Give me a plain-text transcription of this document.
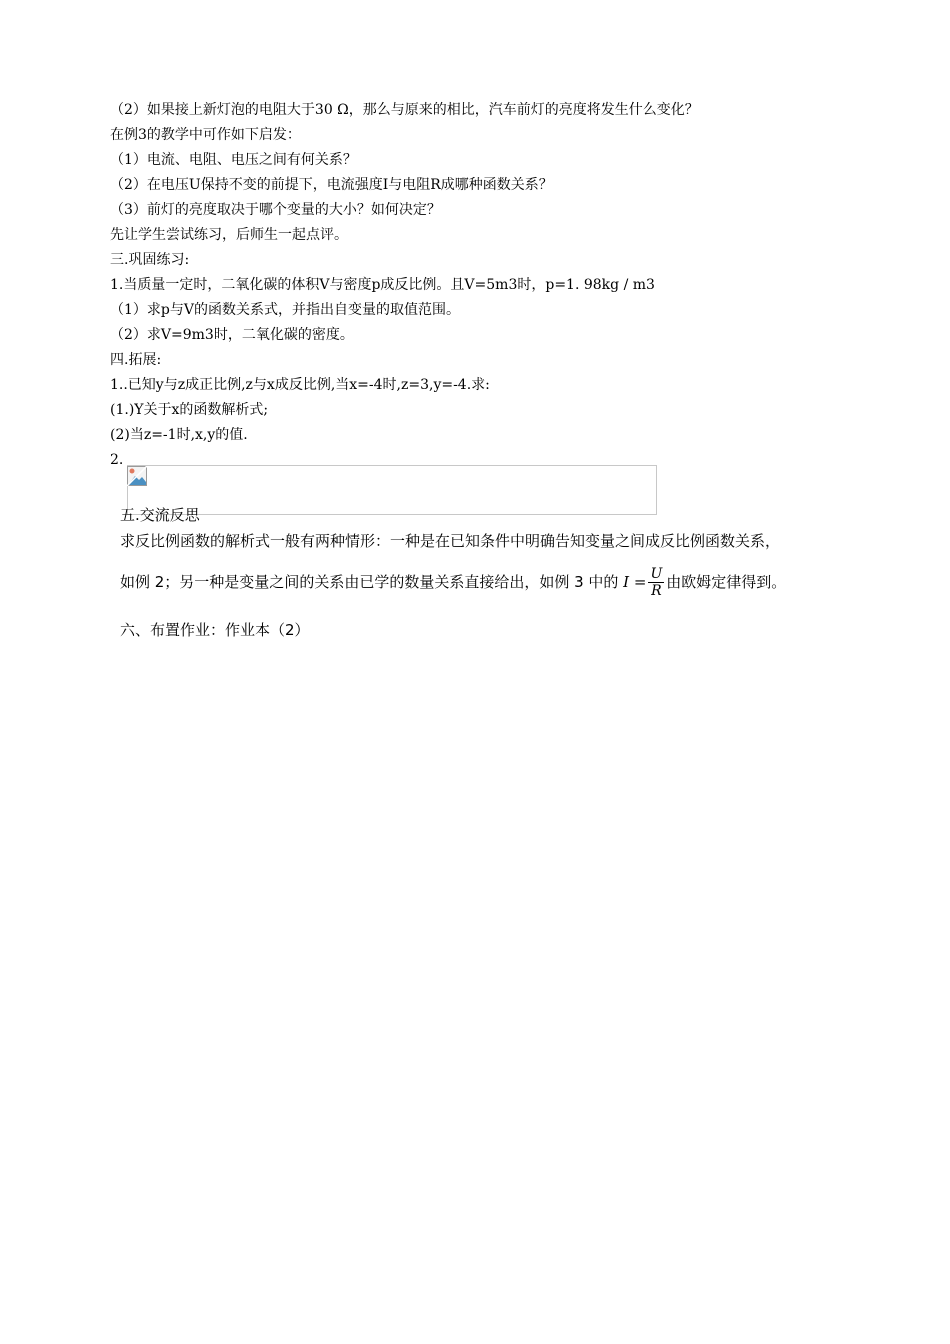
（2）如果接上新灯泡的电阻大于30 Ω，那么与原来的相比，汽车前灯的亮度将发生什么变化？
在例3的教学中可作如下启发：
（1）电流、电阻、电压之间有何关系？
（2）在电压U保持不变的前提下，电流强度I与电阻R成哪种函数关系？
（3）前灯的亮度取决于哪个变量的大小？如何决定？
先让学生尝试练习，后师生一起点评。
三.巩固练习:
1.当质量一定时，二氧化碳的体积V与密度p成反比例。且V=5m3时，p=1. 98kg / m3
（1）求p与V的函数关系式，并指出自变量的取值范围。
（2）求V=9m3时，二氧化碳的密度。
四.拓展:
1..已知y与z成正比例,z与x成反比例,当x=-4时,z=3,y=-4.求:
(1.)Y关于x的函数解析式;
(2)当z=-1时,x,y的值.
2.
五.交流反思
求反比例函数的解析式一般有两种情形：一种是在已知条件中明确告知变量之间成反比例函数关系，
如例 2；另一种是变量之间的关系由已学的数量关系直接给出，如例 3 中的 $I = \frac{U}{R}$ 由欧姆定律得到。
六、布置作业：作业本（2）
